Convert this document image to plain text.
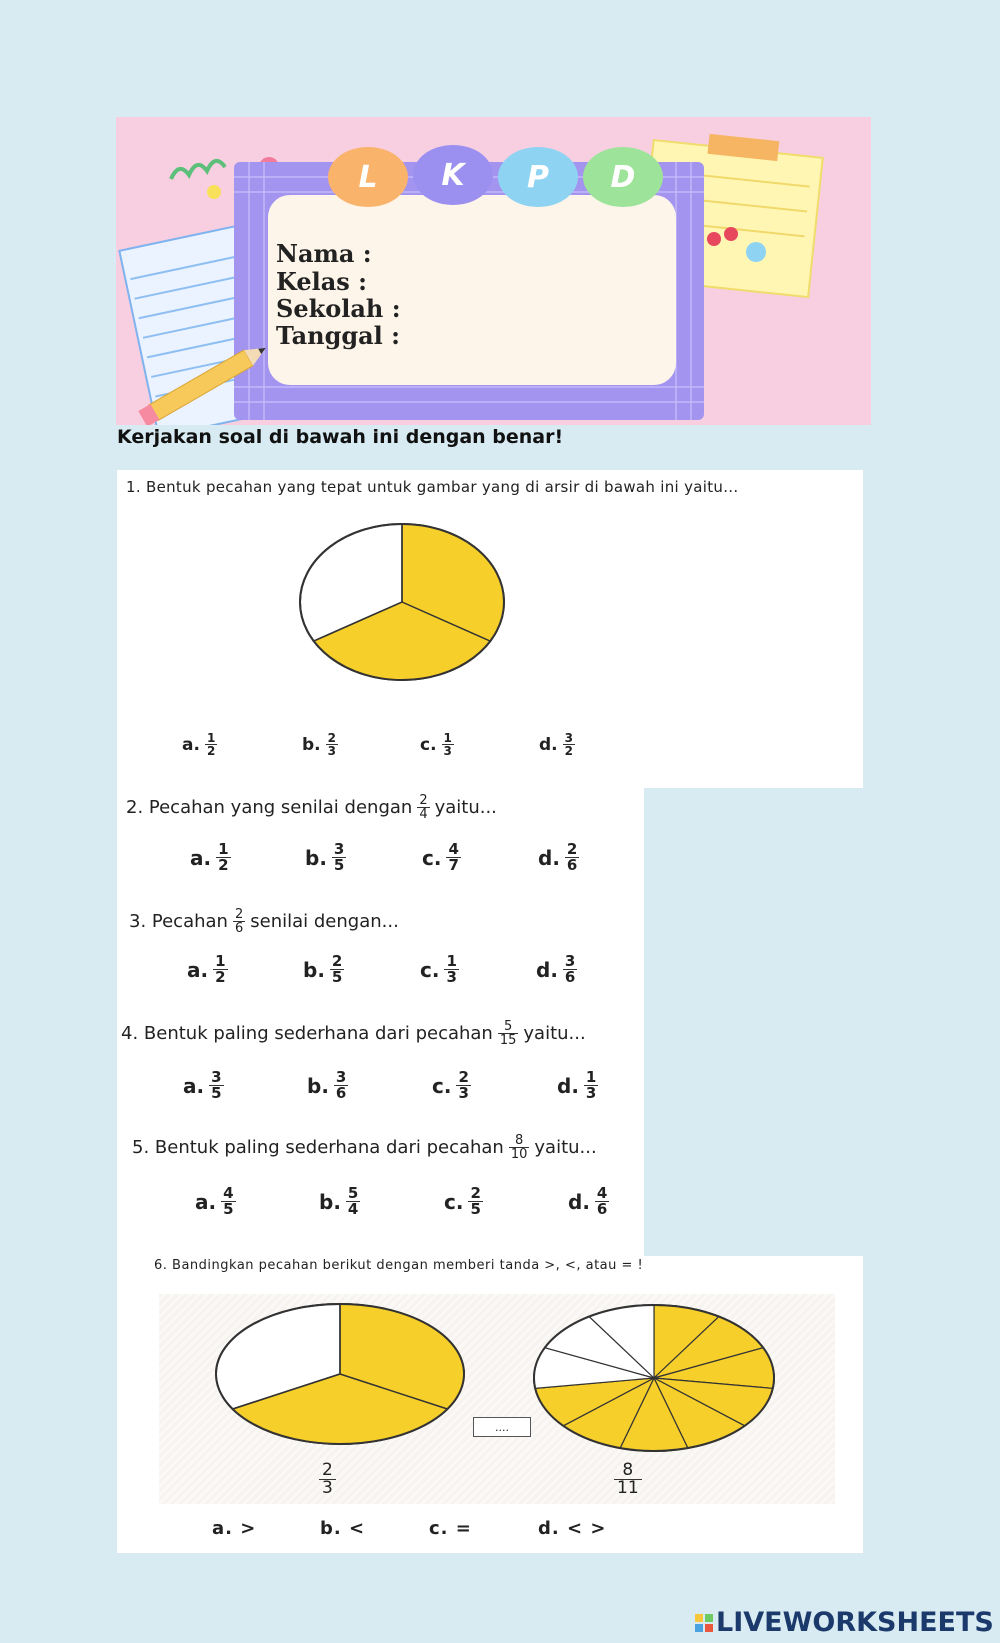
L K P D
Nama :
Kelas :
Sekolah :
Tanggal :
Kerjakan soal di bawah ini dengan benar!
1. Bentuk pecahan yang tepat untuk gambar yang di arsir di bawah ini yaitu...
a. $\frac{1}{2}$	b. $\frac{2}{3}$	c. $\frac{1}{3}$	d. $\frac{3}{2}$
2. Pecahan yang senilai dengan $\frac{2}{4}$ yaitu...
a. $\frac{1}{2}$	b. $\frac{3}{5}$	c. $\frac{4}{7}$	d. $\frac{2}{6}$
3. Pecahan $\frac{2}{6}$ senilai dengan...
a. $\frac{1}{2}$	b. $\frac{2}{5}$	c. $\frac{1}{3}$	d. $\frac{3}{6}$
4. Bentuk paling sederhana dari pecahan $\frac{5}{15}$ yaitu...
a. $\frac{3}{5}$	b. $\frac{3}{6}$	c. $\frac{2}{3}$	d. $\frac{1}{3}$
5. Bentuk paling sederhana dari pecahan $\frac{8}{10}$ yaitu...
a. $\frac{4}{5}$	b. $\frac{5}{4}$	c. $\frac{2}{5}$	d. $\frac{4}{6}$
6. Bandingkan pecahan berikut dengan memberi tanda >, <, atau = !
....
$\frac{2}{3}$	$\frac{8}{11}$
a. >	b. <	c. =	d. < >
LIVEWORKSHEETS
